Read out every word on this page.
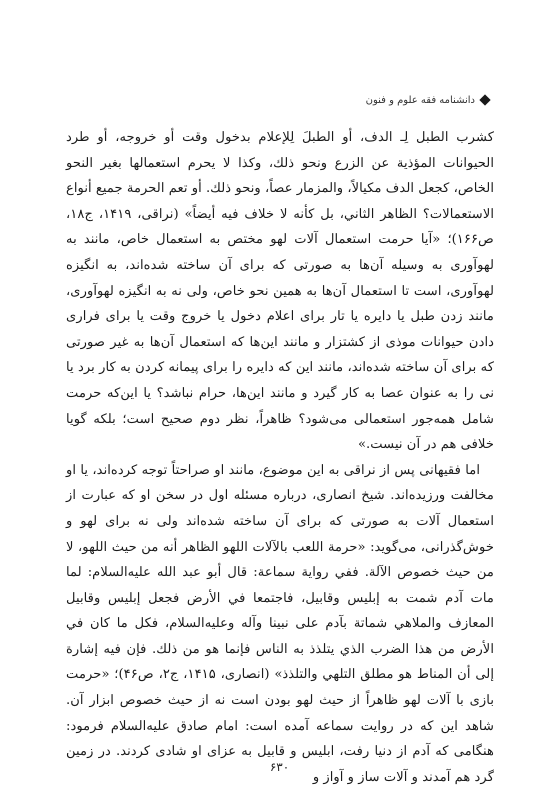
دانشنامه فقه علوم و فنون

کشرب الطبل لِـ الدف، أو الطبلَ لِلإعلام بدخول وقت أو خروجه، أو طرد الحيوانات المؤذية عن الزرع ونحو ذلك، وكذا لا يحرم استعمالها بغير النحو الخاص، كجعل الدف مكيالاً، والمزمار عصاً، ونحو ذلك. أو تعم الحرمة جميع أنواع الاستعمالات؟ الظاهر الثاني، بل كأنه لا خلاف فيه أيضاً» (نراقی، ۱۴۱۹، ج۱۸، ص۱۶۶)؛ «آیا حرمت استعمال آلات لهو مختص به استعمال خاص، مانند به لهوآوری به وسیله آن‌ها به صورتی که برای آن ساخته شده‌اند، به انگیزه لهوآوری، است تا استعمال آن‌ها به همین نحو خاص، ولی نه به انگیزه لهوآوری، مانند زدن طبل یا دایره یا تار برای اعلام دخول یا خروج وقت یا برای فراری دادن حیوانات موذی از کشتزار و مانند این‌ها که استعمال آن‌ها به غیر صورتی که برای آن ساخته شده‌اند، مانند این که دایره را برای پیمانه کردن به کار برد یا نی را به عنوان عصا به کار گیرد و مانند این‌ها، حرام نباشد؟ یا این‌که حرمت شامل همه‌جور استعمالی می‌شود؟ ظاهراً، نظر دوم صحیح است؛ بلکه گویا خلافی هم در آن نیست.»

اما فقیهانی پس از نراقی به این موضوع، مانند او صراحتاً توجه کرده‌اند، یا او مخالفت ورزیده‌اند. شیخ انصاری، درباره مسئله اول در سخن او که عبارت از استعمال آلات به صورتی که برای آن ساخته شده‌اند ولی نه برای لهو و خوش‌گذرانی، می‌گوید: «حرمة اللعب بالآلات اللهو الظاهر أنه من حيث اللهو، لا من حيث خصوص الآلة. ففي رواية سماعة: قال أبو عبد الله عليه‌السلام: لما مات آدم شمت به إبليس وقابيل، فاجتمعا في الأرض فجعل إبليس وقابيل المعازف والملاهي شماتة بآدم علی نبينا وآله وعليه‌السلام، فكل ما كان في الأرض من هذا الضرب الذي يتلذذ به الناس فإنما هو من ذلك. فإن فيه إشارة إلى أن المناط هو مطلق التلهي والتلذذ» (انصاری، ۱۴۱۵، ج۲، ص۴۶)؛ «حرمت بازی با آلات لهو ظاهراً از حیث لهو بودن است نه از حیث خصوص ابزار آن. شاهد این که در روایت سماعه آمده است: امام صادق علیه‌السلام فرمود: هنگامی که آدم از دنیا رفت، ابلیس و قابیل به عزای او شادی کردند. در زمین گرد هم آمدند و آلات ساز و آواز و

۶۳۰
